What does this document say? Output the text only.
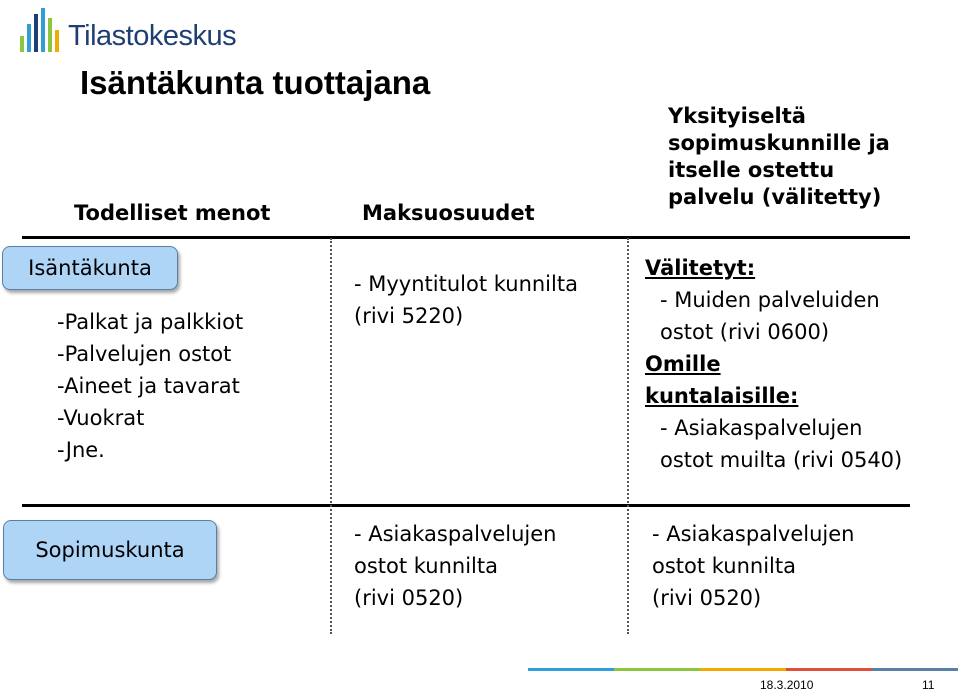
Tilastokeskus
Isäntäkunta tuottajana
Todelliset menot	Maksuosuudet
Yksityiseltä
sopimuskunnille ja
itselle ostettu
palvelu (välitetty)
Isäntäkunta
Sopimuskunta
-Palkat ja palkkiot
-Palvelujen ostot
-Aineet ja tavarat
-Vuokrat
-Jne.
- Myyntitulot kunnilta
(rivi 5220)
Välitetyt:
- Muiden palveluiden
ostot (rivi 0600)
Omille
kuntalaisille:
- Asiakaspalvelujen
ostot muilta (rivi 0540)
- Asiakaspalvelujen
ostot kunnilta
(rivi 0520)
- Asiakaspalvelujen
ostot kunnilta
(rivi 0520)
18.3.2010	11
